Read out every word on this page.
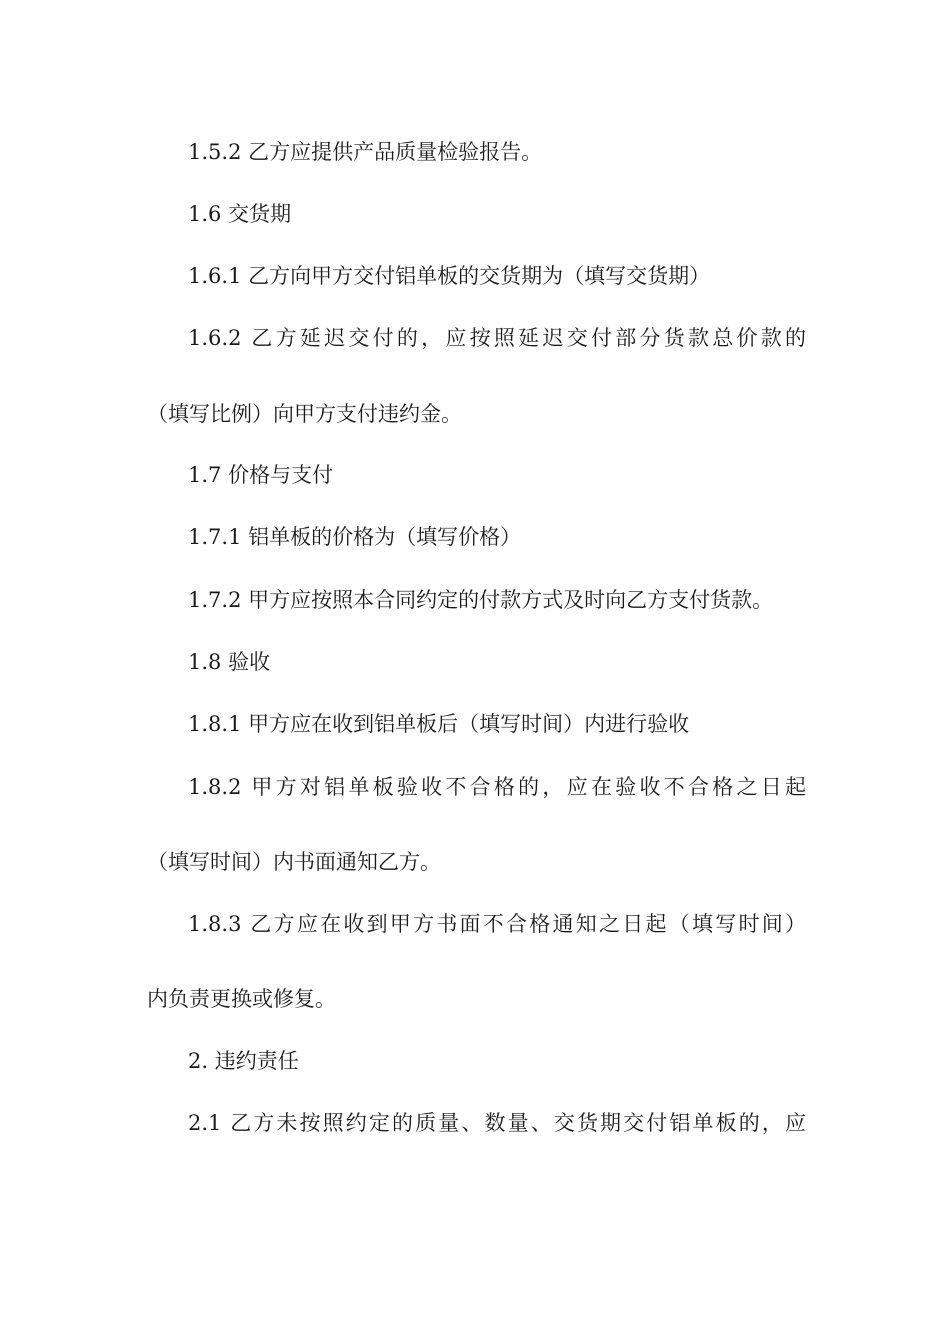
1.5.2 乙方应提供产品质量检验报告。
1.6 交货期
1.6.1 乙方向甲方交付铝单板的交货期为（填写交货期）
1.6.2 乙方延迟交付的，应按照延迟交付部分货款总价款的
（填写比例）向甲方支付违约金。
1.7 价格与支付
1.7.1 铝单板的价格为（填写价格）
1.7.2 甲方应按照本合同约定的付款方式及时向乙方支付货款。
1.8 验收
1.8.1 甲方应在收到铝单板后（填写时间）内进行验收
1.8.2 甲方对铝单板验收不合格的，应在验收不合格之日起
（填写时间）内书面通知乙方。
1.8.3 乙方应在收到甲方书面不合格通知之日起（填写时间）
内负责更换或修复。
2. 违约责任
2.1 乙方未按照约定的质量、数量、交货期交付铝单板的，应
